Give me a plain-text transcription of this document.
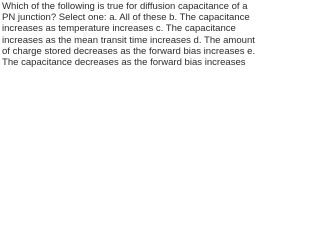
Which of the following is true for diffusion capacitance of a PN junction? Select one: a. All of these b. The capacitance increases as temperature increases c. The capacitance increases as the mean transit time increases d. The amount of charge stored decreases as the forward bias increases e. The capacitance decreases as the forward bias increases
